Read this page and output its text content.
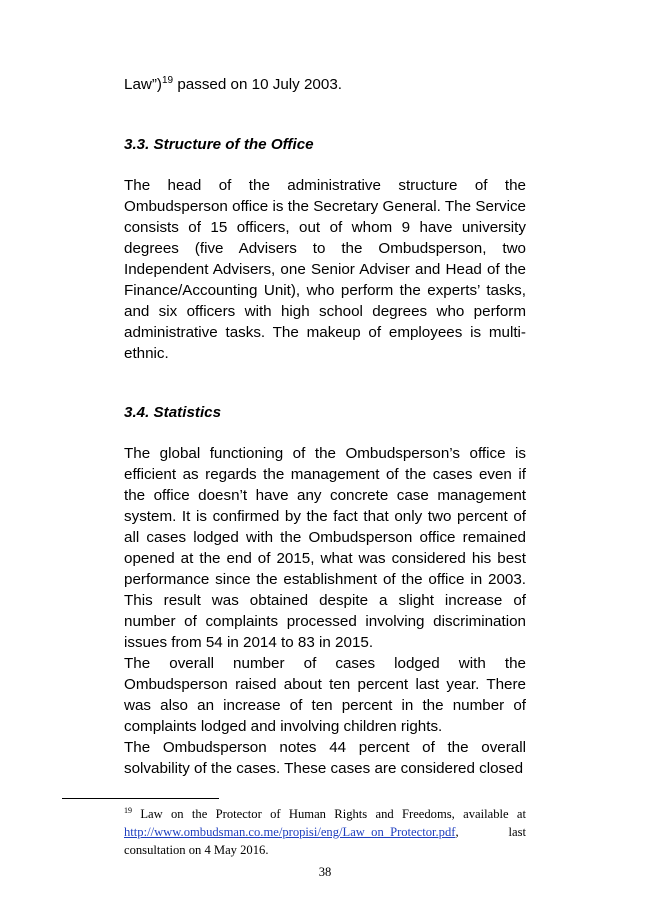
Law”)$^{19}$ passed on 10 July 2003.

3.3. Structure of the Office

The head of the administrative structure of the Ombudsperson office is the Secretary General. The Service consists of 15 officers, out of whom 9 have university degrees (five Advisers to the Ombudsperson, two Independent Advisers, one Senior Adviser and Head of the Finance/Accounting Unit), who perform the experts’ tasks, and six officers with high school degrees who perform administrative tasks. The makeup of employees is multi-ethnic.

3.4. Statistics

The global functioning of the Ombudsperson’s office is efficient as regards the management of the cases even if the office doesn’t have any concrete case management system. It is confirmed by the fact that only two percent of all cases lodged with the Ombudsperson office remained opened at the end of 2015, what was considered his best performance since the establishment of the office in 2003. This result was obtained despite a slight increase of number of complaints processed involving discrimination issues from 54 in 2014 to 83 in 2015.

The overall number of cases lodged with the Ombudsperson raised about ten percent last year. There was also an increase of ten percent in the number of complaints lodged and involving children rights.

The Ombudsperson notes 44 percent of the overall solvability of the cases. These cases are considered closed

$^{19}$ Law on the Protector of Human Rights and Freedoms, available at http://www.ombudsman.co.me/propisi/eng/Law_on_Protector.pdf, last consultation on 4 May 2016.
38
